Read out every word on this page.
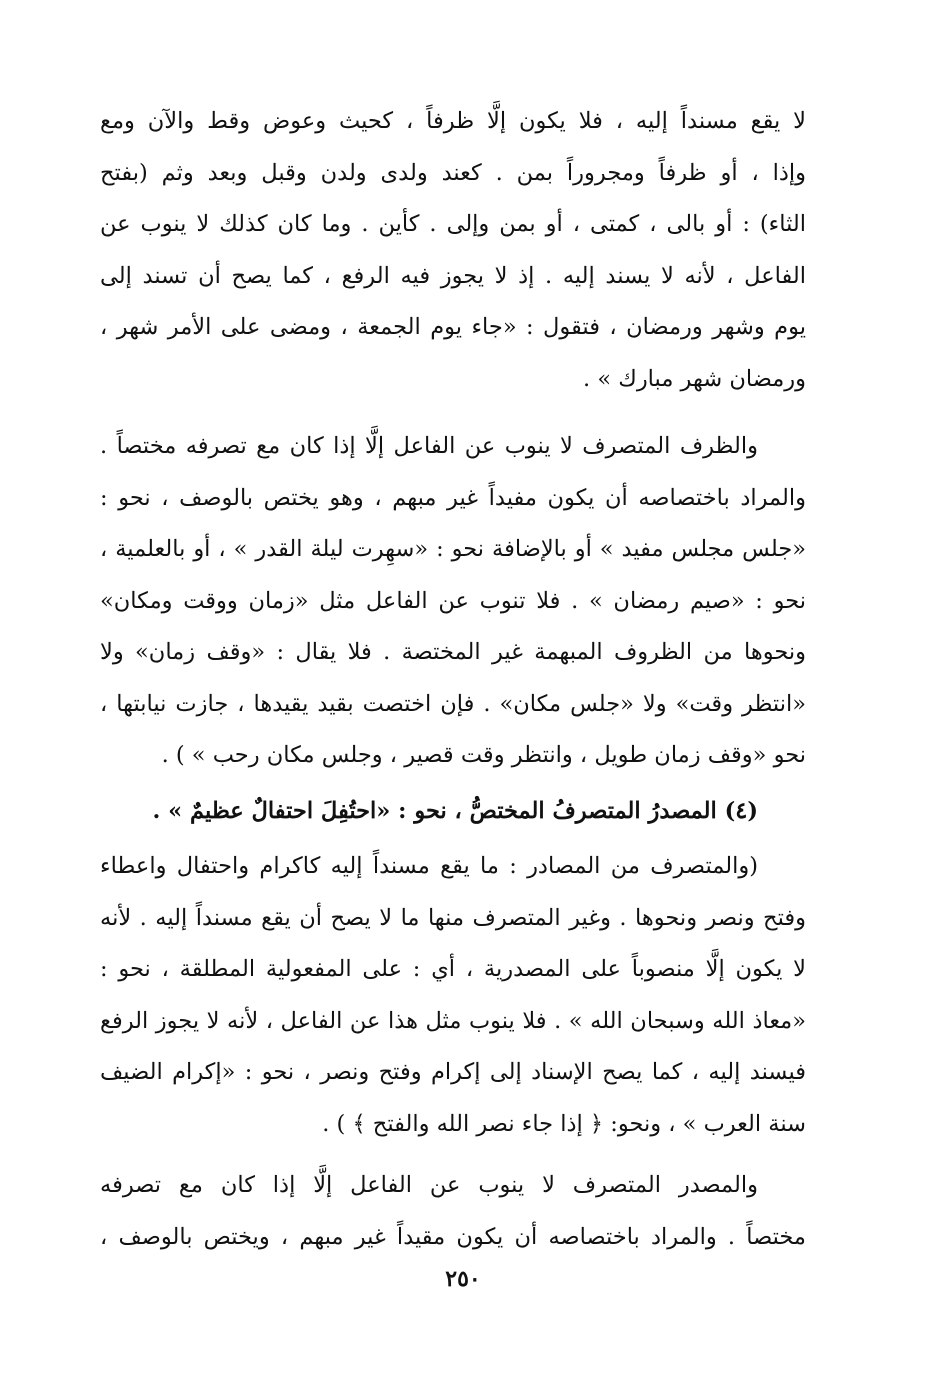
لا يقع مسنداً إليه ، فلا يكون إلَّا ظرفاً ، كحيث وعوض وقط والآن ومع
وإذا ، أو ظرفاً ومجروراً بمن . كعند ولدى ولدن وقبل وبعد وثم (بفتح
الثاء) : أو بالى ، كمتى ، أو بمن وإلى . كأين . وما كان كذلك لا ينوب عن
الفاعل ، لأنه لا يسند إليه . إذ لا يجوز فيه الرفع ، كما يصح أن تسند إلى
يوم وشهر ورمضان ، فتقول : «جاء يوم الجمعة ، ومضى على الأمر شهر ،
ورمضان شهر مبارك » .
والظرف المتصرف لا ينوب عن الفاعل إلَّا إذا كان مع تصرفه مختصاً .
والمراد باختصاصه أن يكون مفيداً غير مبهم ، وهو يختص بالوصف ، نحو :
«جلس مجلس مفيد » أو بالإضافة نحو : «سهِرت ليلة القدر » ، أو بالعلمية ،
نحو : «صيم رمضان » . فلا تنوب عن الفاعل مثل «زمان ووقت ومكان»
ونحوها من الظروف المبهمة غير المختصة . فلا يقال : «وقف زمان» ولا
«انتظر وقت» ولا «جلس مكان» . فإن اختصت بقيد يقيدها ، جازت نيابتها ،
نحو «وقف زمان طويل ، وانتظر وقت قصير ، وجلس مكان رحب » ) .
(٤) المصدرُ المتصرفُ المختصُّ ، نحو : «احتُفِلَ احتفالٌ عظيمٌ » .
(والمتصرف من المصادر : ما يقع مسنداً إليه كاكرام واحتفال واعطاء
وفتح ونصر ونحوها . وغير المتصرف منها ما لا يصح أن يقع مسنداً إليه . لأنه
لا يكون إلَّا منصوباً على المصدرية ، أي : على المفعولية المطلقة ، نحو :
«معاذ الله وسبحان الله » . فلا ينوب مثل هذا عن الفاعل ، لأنه لا يجوز الرفع
فيسند إليه ، كما يصح الإسناد إلى إكرام وفتح ونصر ، نحو : «إكرام الضيف
سنة العرب » ، ونحو: ﴿ إذا جاء نصر الله والفتح ﴾ ) .
والمصدر المتصرف لا ينوب عن الفاعل إلَّا إذا كان مع تصرفه
مختصاً . والمراد باختصاصه أن يكون مقيداً غير مبهم ، ويختص بالوصف ،
٢٥٠
